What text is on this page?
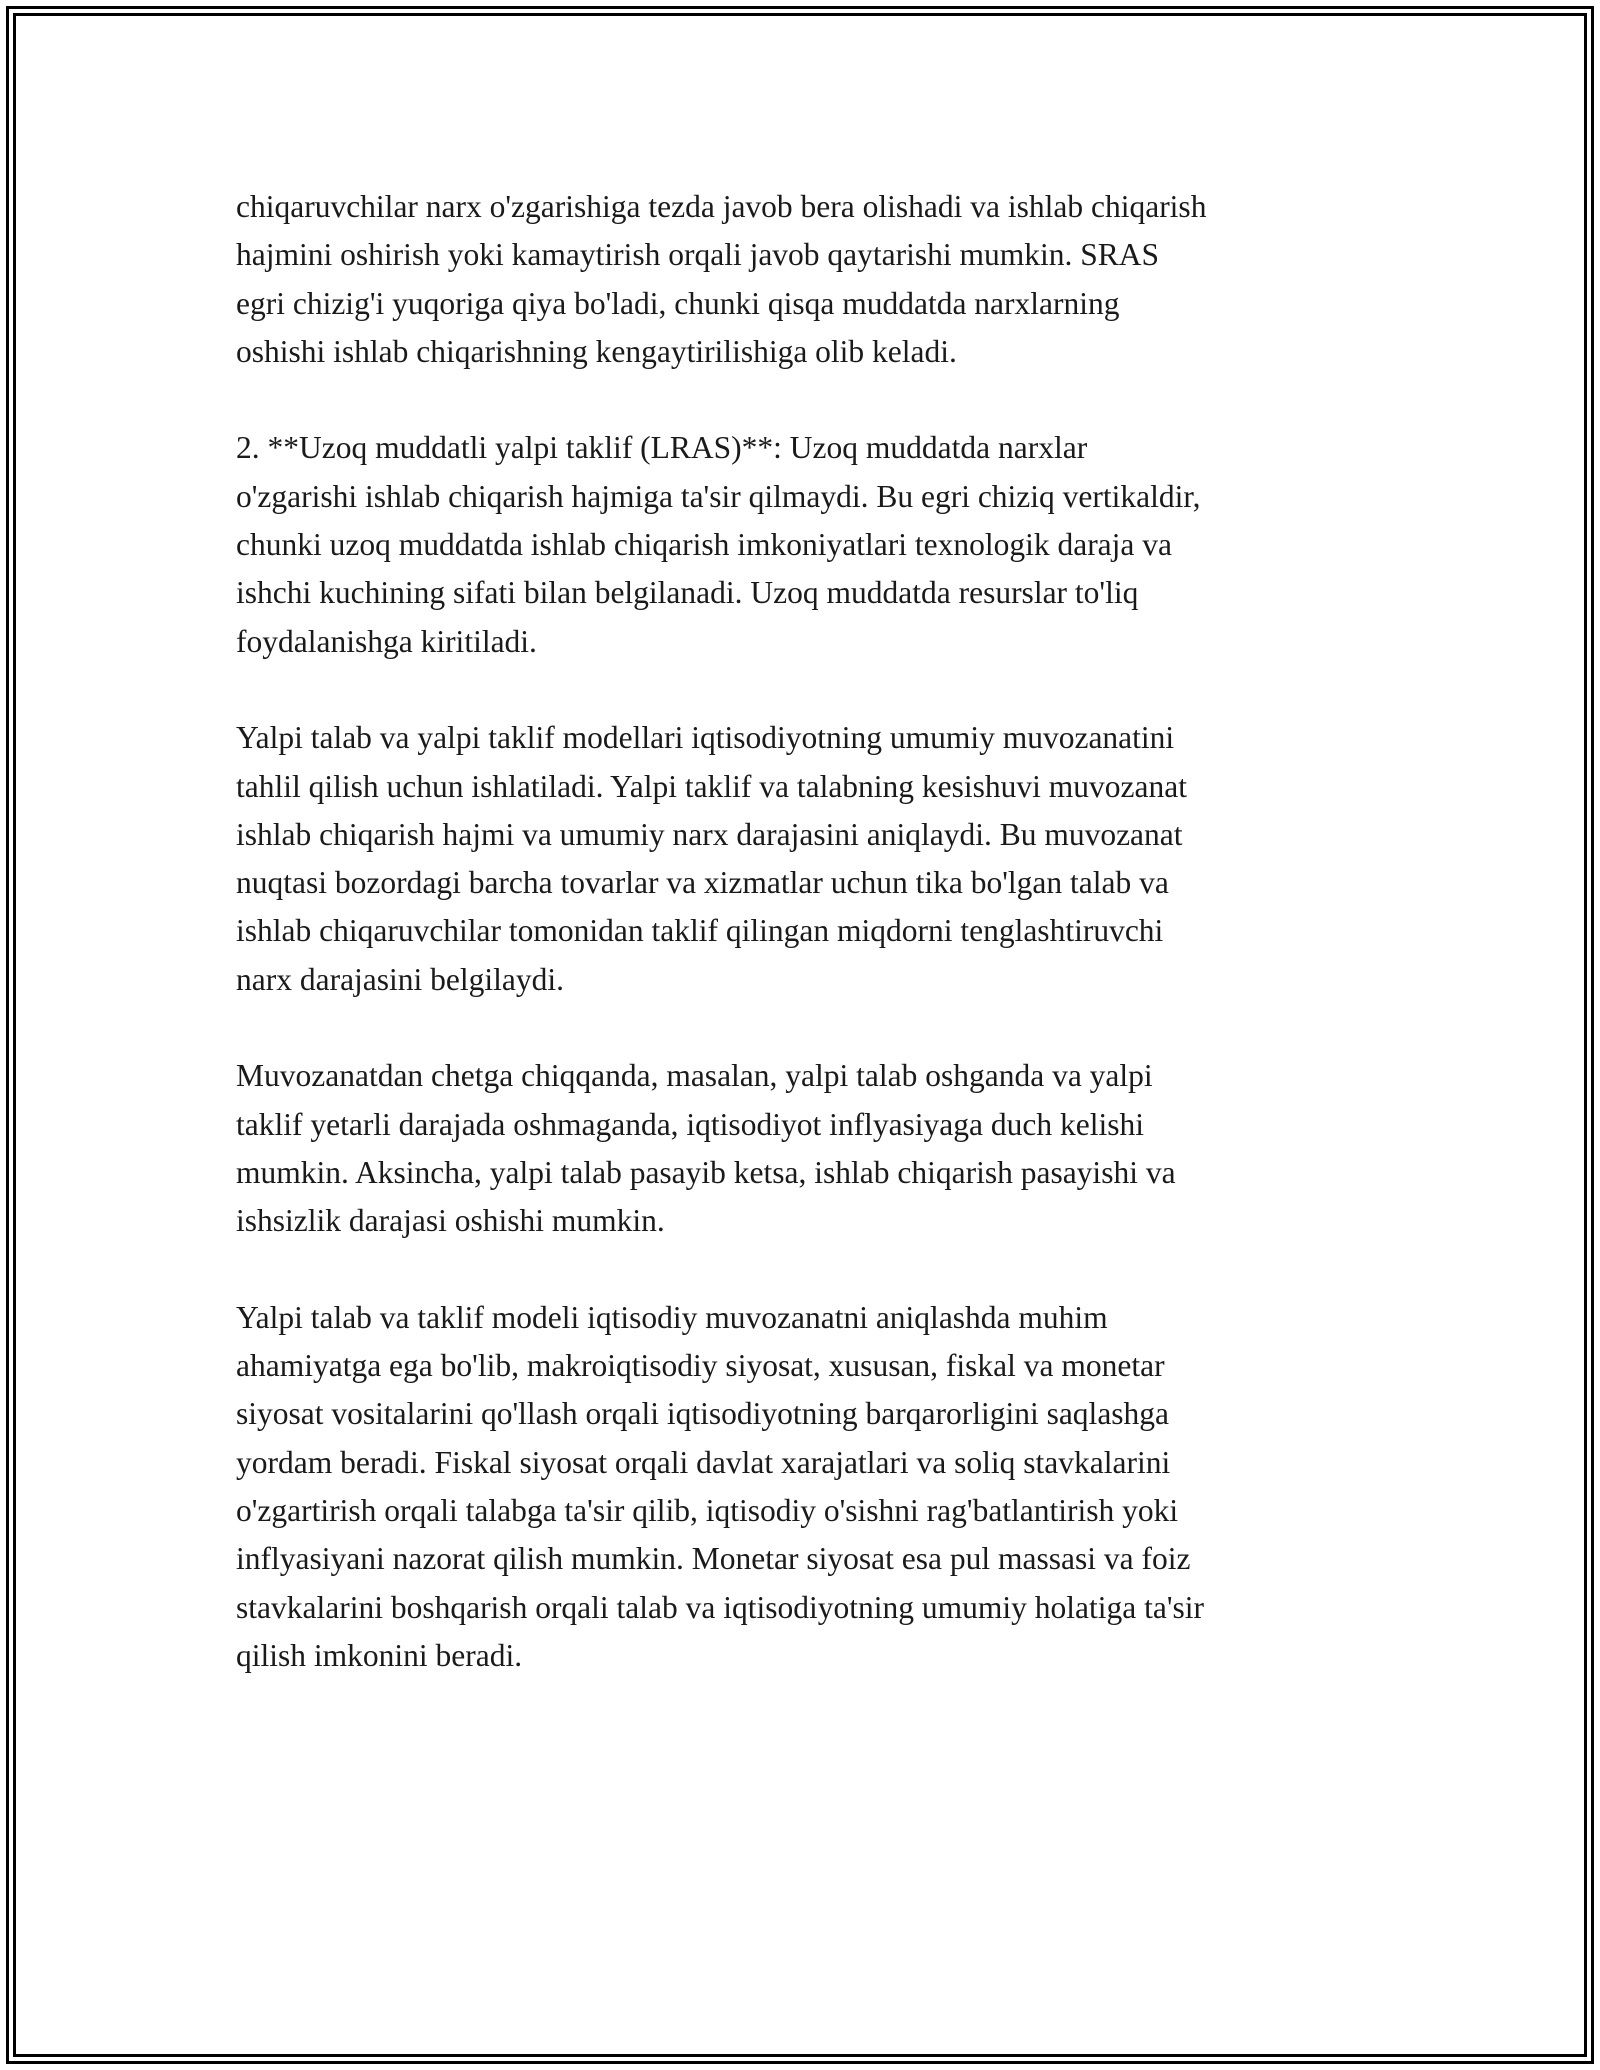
chiqaruvchilar narx o'zgarishiga tezda javob bera olishadi va ishlab chiqarish
hajmini oshirish yoki kamaytirish orqali javob qaytarishi mumkin. SRAS
egri chizig'i yuqoriga qiya bo'ladi, chunki qisqa muddatda narxlarning
oshishi ishlab chiqarishning kengaytirilishiga olib keladi.

2. **Uzoq muddatli yalpi taklif (LRAS)**: Uzoq muddatda narxlar
o'zgarishi ishlab chiqarish hajmiga ta'sir qilmaydi. Bu egri chiziq vertikaldir,
chunki uzoq muddatda ishlab chiqarish imkoniyatlari texnologik daraja va
ishchi kuchining sifati bilan belgilanadi. Uzoq muddatda resurslar to'liq
foydalanishga kiritiladi.

Yalpi talab va yalpi taklif modellari iqtisodiyotning umumiy muvozanatini
tahlil qilish uchun ishlatiladi. Yalpi taklif va talabning kesishuvi muvozanat
ishlab chiqarish hajmi va umumiy narx darajasini aniqlaydi. Bu muvozanat
nuqtasi bozordagi barcha tovarlar va xizmatlar uchun tika bo'lgan talab va
ishlab chiqaruvchilar tomonidan taklif qilingan miqdorni tenglashtiruvchi
narx darajasini belgilaydi.

Muvozanatdan chetga chiqqanda, masalan, yalpi talab oshganda va yalpi
taklif yetarli darajada oshmaganda, iqtisodiyot inflyasiyaga duch kelishi
mumkin. Aksincha, yalpi talab pasayib ketsa, ishlab chiqarish pasayishi va
ishsizlik darajasi oshishi mumkin.

Yalpi talab va taklif modeli iqtisodiy muvozanatni aniqlashda muhim
ahamiyatga ega bo'lib, makroiqtisodiy siyosat, xususan, fiskal va monetar
siyosat vositalarini qo'llash orqali iqtisodiyotning barqarorligini saqlashga
yordam beradi. Fiskal siyosat orqali davlat xarajatlari va soliq stavkalarini
o'zgartirish orqali talabga ta'sir qilib, iqtisodiy o'sishni rag'batlantirish yoki
inflyasiyani nazorat qilish mumkin. Monetar siyosat esa pul massasi va foiz
stavkalarini boshqarish orqali talab va iqtisodiyotning umumiy holatiga ta'sir
qilish imkonini beradi.
